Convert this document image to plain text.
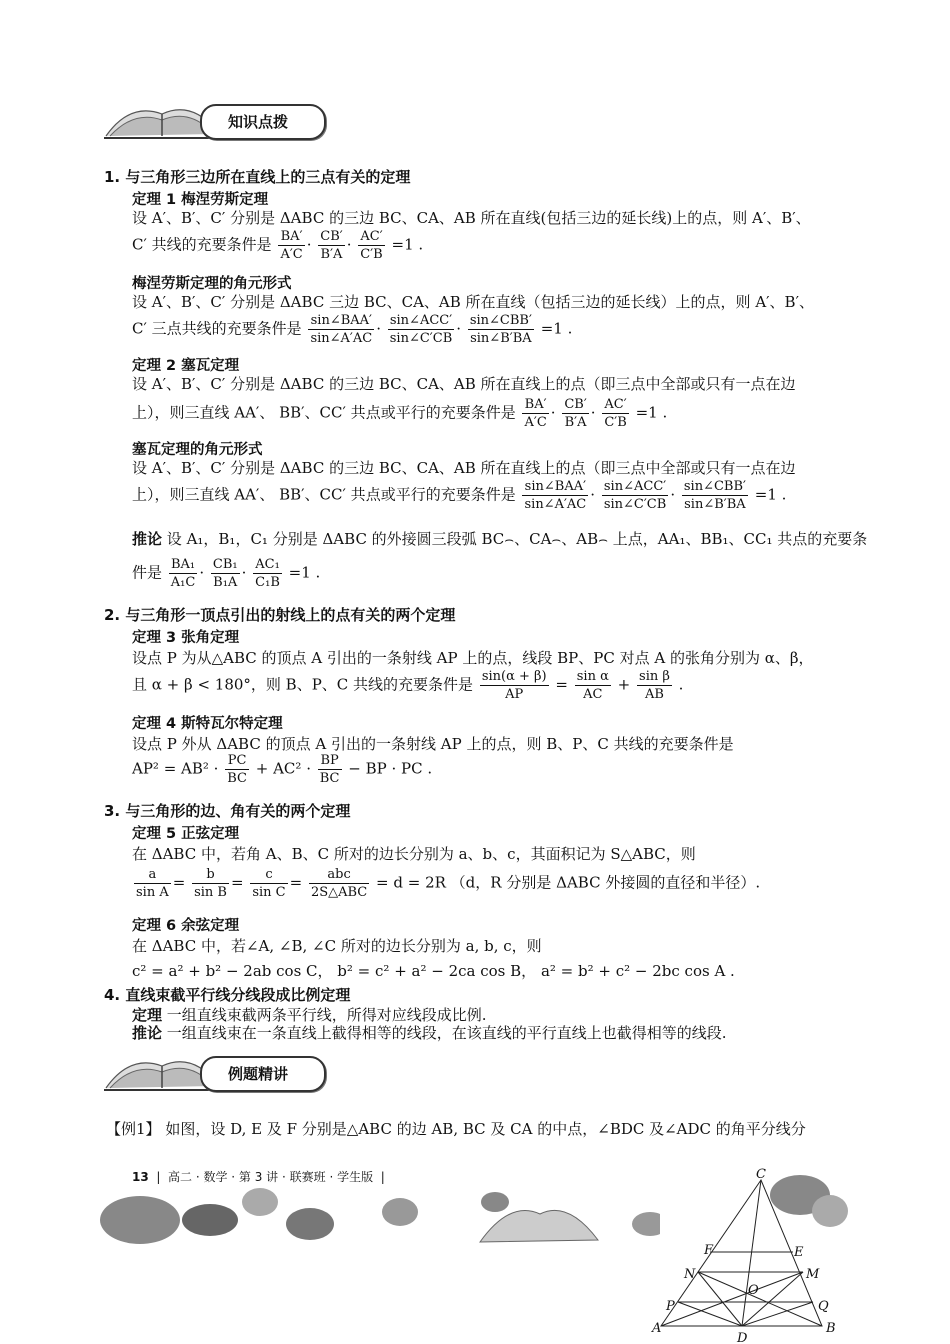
知识点拨
1. 与三角形三边所在直线上的三点有关的定理
定理 1 梅涅劳斯定理
设 A′、B′、C′ 分别是 ΔABC 的三边 BC、CA、AB 所在直线(包括三边的延长线)上的点，则 A′、B′、
C′ 共线的充要条件是 $\frac{BA'}{A'C} \cdot \frac{CB'}{B'A} \cdot \frac{AC'}{C'B} =1$ .
梅涅劳斯定理的角元形式
设 A′、B′、C′ 分别是 ΔABC 三边 BC、CA、AB 所在直线（包括三边的延长线）上的点，则 A′、B′、
C′ 三点共线的充要条件是 $\frac{\text{sin∠BAA′}}{\sin\angle A'AC} \cdot \frac{\text{sin∠ACC′}}{\sin\angle C'CB} \cdot \frac{\text{sin∠CBB′}}{\sin\angle B'BA} =1$ .
定理 2 塞瓦定理
设 A′、B′、C′ 分别是 ΔABC 的三边 BC、CA、AB 所在直线上的点（即三点中全部或只有一点在边
上），则三直线 AA′、 BB′、CC′ 共点或平行的充要条件是 $\frac{BA'}{A'C} \cdot \frac{CB'}{B'A} \cdot \frac{AC'}{C'B} =1$ .
塞瓦定理的角元形式
设 A′、B′、C′ 分别是 ΔABC 的三边 BC、CA、AB 所在直线上的点（即三点中全部或只有一点在边
上），则三直线 AA′、 BB′、CC′ 共点或平行的充要条件是 $\frac{\text{sin∠BAA′}}{\sin\angle A'AC} \cdot \frac{\text{sin∠ACC′}}{\sin\angle C'CB} \cdot \frac{\text{sin∠CBB′}}{\sin\angle B'BA} =1$ .
推论 设 A₁，B₁，C₁ 分别是 ΔABC 的外接圆三段弧 BC⌢、CA⌢、AB⌢ 上点，AA₁、BB₁、CC₁ 共点的充要条
件是 $\frac{\text{BA₁}}{\text{A₁C}} \cdot \frac{\text{CB₁}}{\text{B₁A}} \cdot \frac{\text{AC₁}}{\text{C₁B}} =1$ .
2. 与三角形一顶点引出的射线上的点有关的两个定理
定理 3 张角定理
设点 P 为从△ABC 的顶点 A 引出的一条射线 AP 上的点，线段 BP、PC 对点 A 的张角分别为 α、β，
且 α + β < 180°，则 B、P、C 共线的充要条件是 $\frac{\sin(\alpha + \beta)}{AP} = \frac{\text{sin α}}{AC} + \frac{\text{sin β}}{AB}$ .
定理 4 斯特瓦尔特定理
设点 P 外从 ΔABC 的顶点 A 引出的一条射线 AP 上的点，则 B、P、C 共线的充要条件是
$AP^2 = AB^2 \cdot \frac{PC}{BC} + AC^2 \cdot \frac{BP}{BC}$ − BP · PC .
3. 与三角形的边、角有关的两个定理
定理 5 正弦定理
在 ΔABC 中，若角 A、B、C 所对的边长分别为 a、b、c，其面积记为 S△ABC，则
$\frac{a}{\text{sin A}} = \frac{b}{\text{sin B}} = \frac{c}{\text{sin C}} = \frac{\text{abc}}{\text{2S△ABC}} = d = 2R$ （d，R 分别是 ΔABC 外接圆的直径和半径）.
定理 6 余弦定理
在 ΔABC 中，若∠A, ∠B, ∠C 所对的边长分别为 a, b, c，则
c² = a² + b² − 2ab cos C， b² = c² + a² − 2ca cos B， a² = b² + c² − 2bc cos A .
4. 直线束截平行线分线段成比例定理
定理 一组直线束截两条平行线，所得对应线段成比例.
推论 一组直线束在一条直线上截得相等的线段，在该直线的平行直线上也截得相等的线段.
例题精讲
【例1】 如图，设 D, E 及 F 分别是△ABC 的边 AB, BC 及 CA 的中点，∠BDC 及∠ADC 的角平分线分
13 | 高二 · 数学 · 第 3 讲 · 联赛班 · 学生版 |	C
F	E
N	M
O
P	Q
A
D
B
